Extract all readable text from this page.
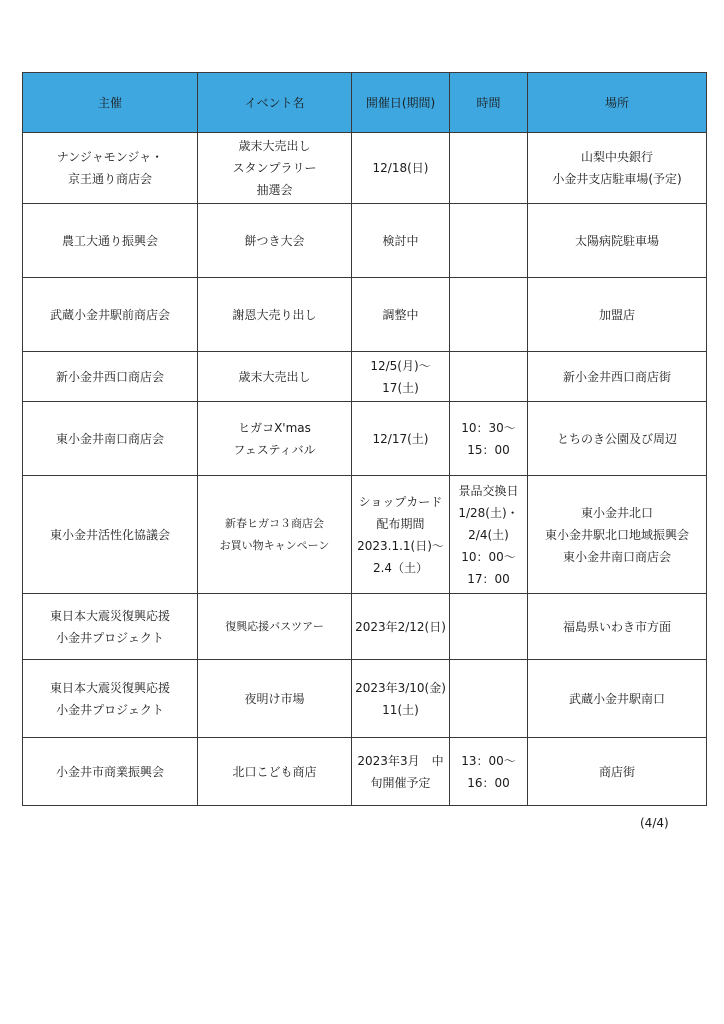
主催	イベント名	開催日(期間)	時間	場所

ナンジャモンジャ・
京王通り商店会	歳末大売出し
スタンプラリー
抽選会	12/18(日)		山梨中央銀行
小金井支店駐車場(予定)

農工大通り振興会	餅つき大会	検討中		太陽病院駐車場

武蔵小金井駅前商店会	謝恩大売り出し	調整中		加盟店

新小金井西口商店会	歳末大売出し	12/5(月)～
17(土)		新小金井西口商店街

東小金井南口商店会	ヒガコX'mas
フェスティバル	12/17(土)	10：30～
15：00	とちのき公園及び周辺

東小金井活性化協議会	新春ヒガコ３商店会
お買い物キャンペーン	ショップカード
配布期間
2023.1.1(日)～
2.4（土）	景品交換日
1/28(土)・
2/4(土)
10：00～
17：00	東小金井北口
東小金井駅北口地域振興会
東小金井南口商店会

東日本大震災復興応援
小金井プロジェクト	復興応援バスツアー	2023年2/12(日)		福島県いわき市方面

東日本大震災復興応援
小金井プロジェクト	夜明け市場	2023年3/10(金)
11(土)		武蔵小金井駅南口

小金井市商業振興会	北口こども商店	2023年3月　中
旬開催予定	13：00～
16：00	商店街
(4/4)
